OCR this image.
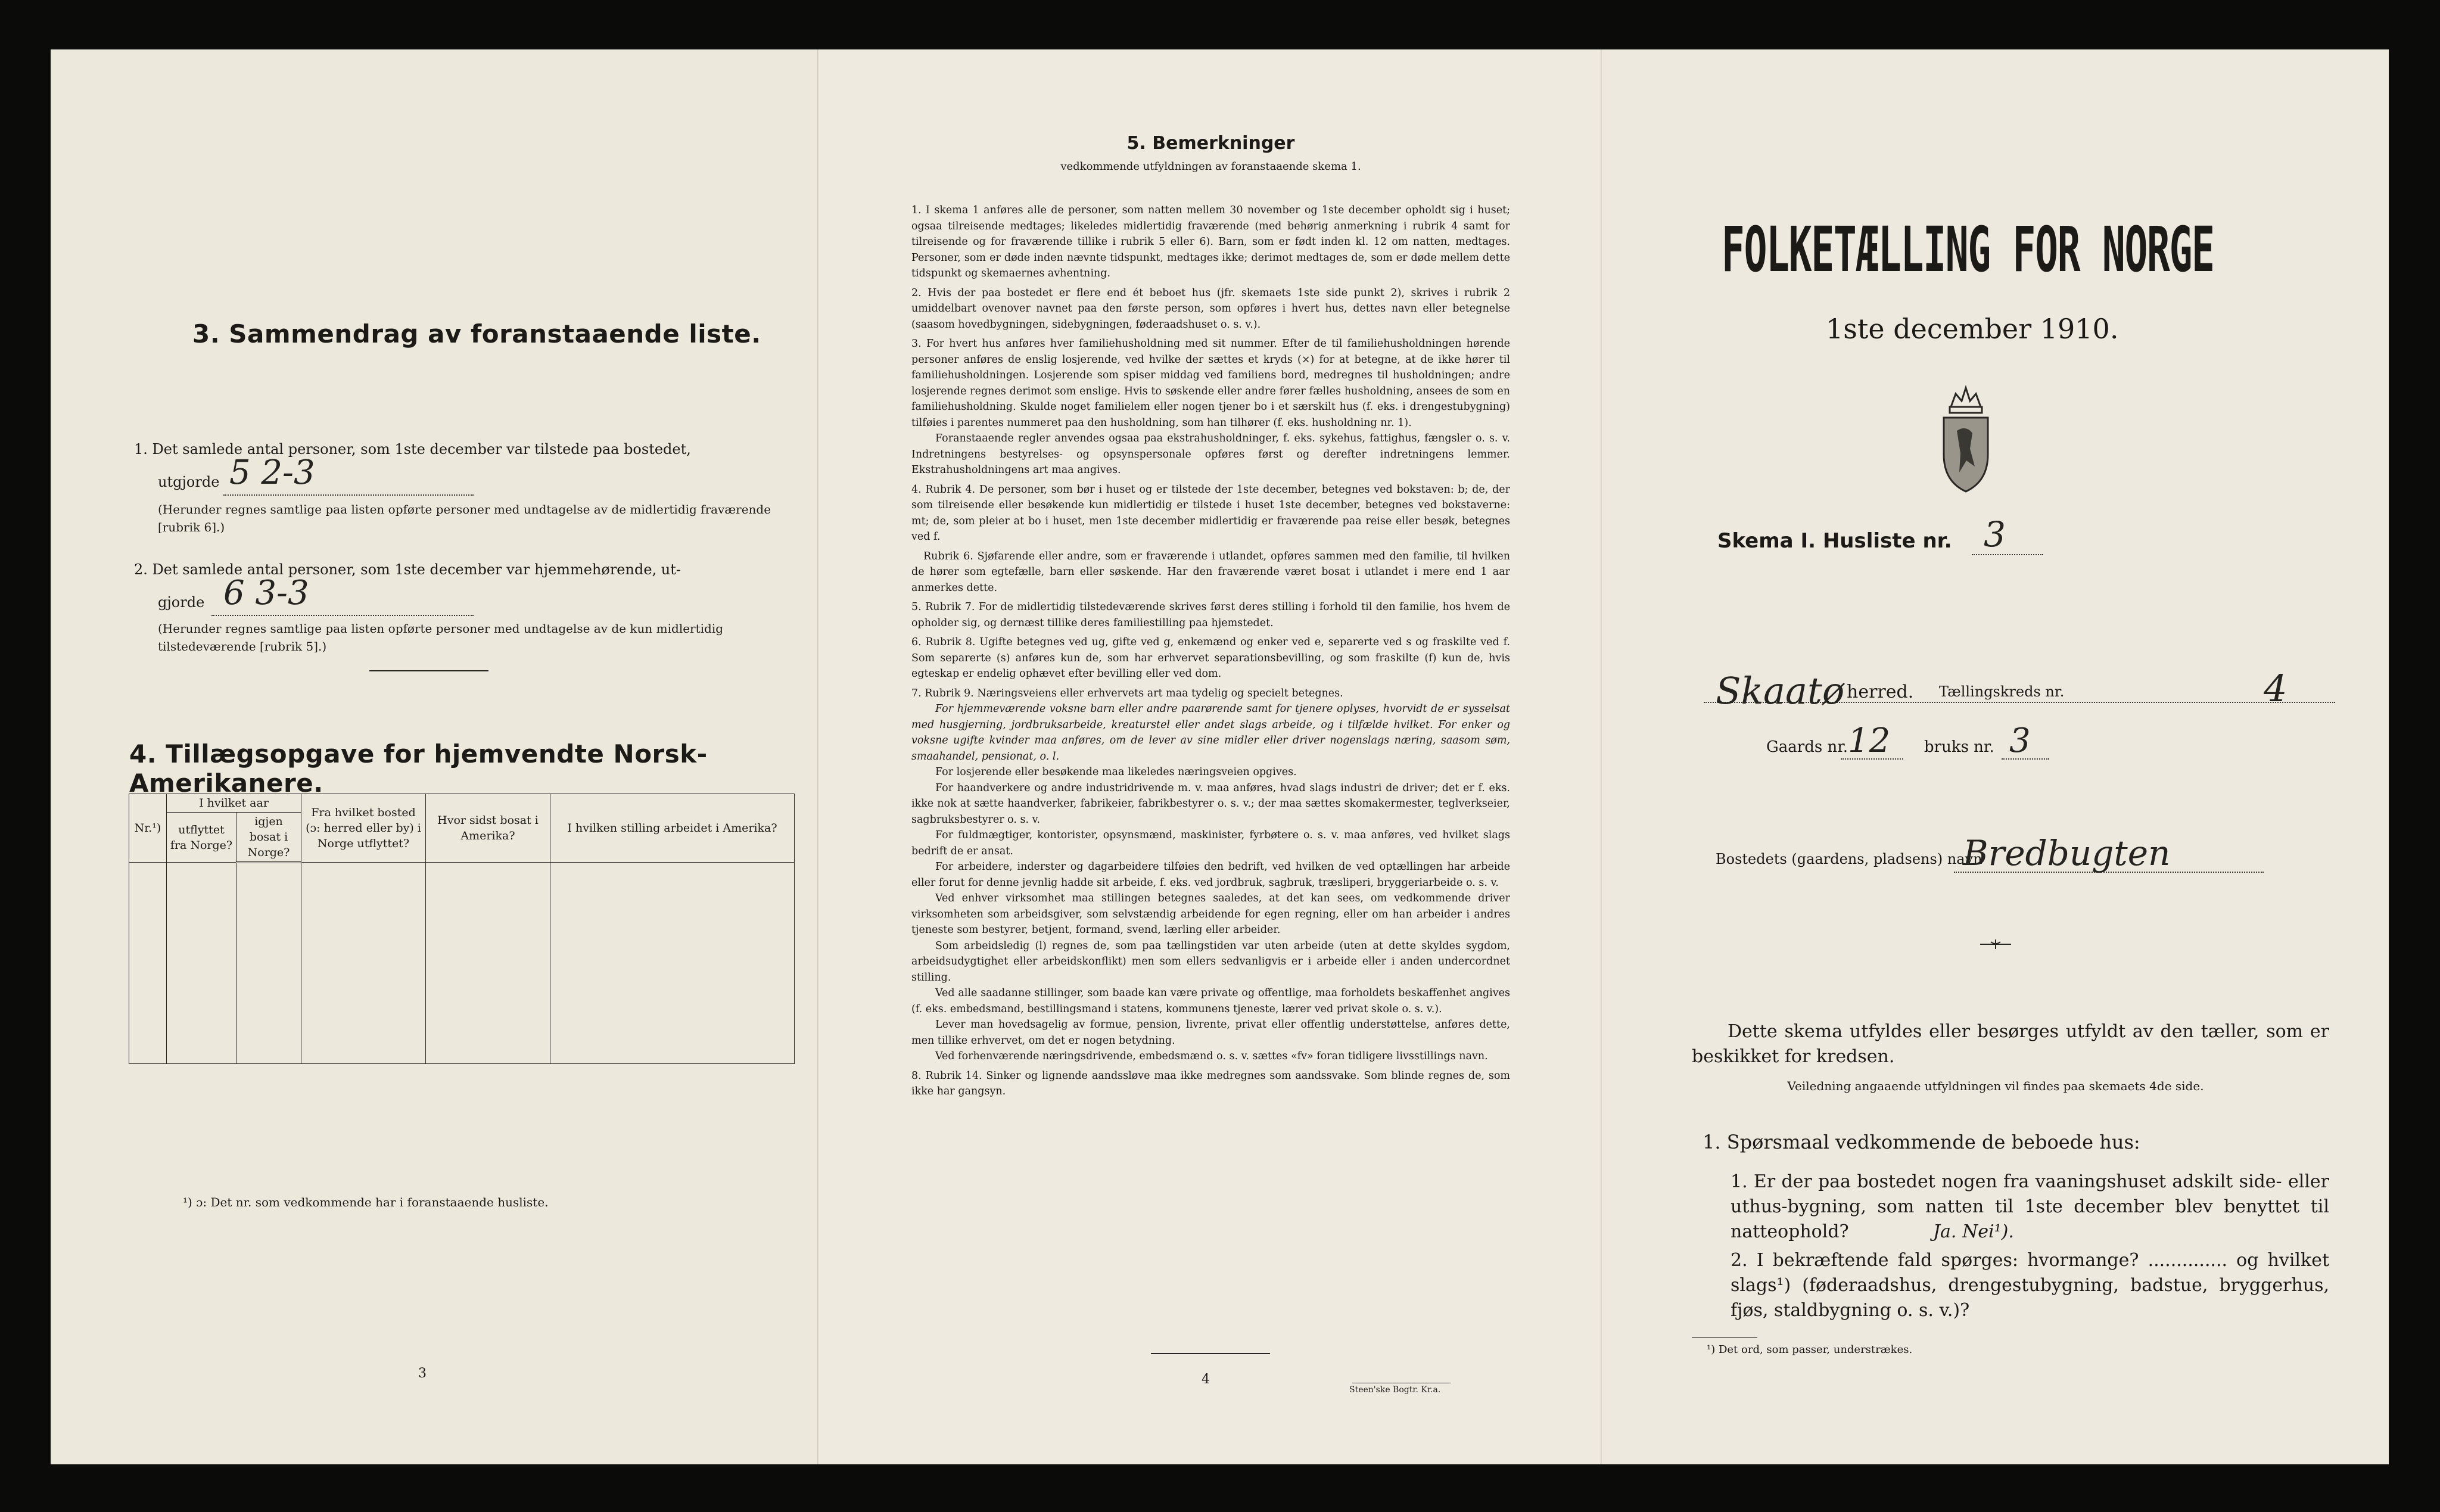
3. Sammendrag av foranstaaende liste.
1. Det samlede antal personer, som 1ste december var tilstede paa bostedet,
utgjorde 5 2-3
(Herunder regnes samtlige paa listen opførte personer med undtagelse av de midlertidig fraværende [rubrik 6].)
2. Det samlede antal personer, som 1ste december var hjemmehørende, ut-
gjorde 6 3-3
(Herunder regnes samtlige paa listen opførte personer med undtagelse av de kun midlertidig tilstedeværende [rubrik 5].)
4. Tillægsopgave for hjemvendte Norsk-Amerikanere.
Nr.¹)	I hvilket aar		Fra hvilket bosted (ɔ: herred eller by) i Norge utflyttet?	Hvor sidst bosat i Amerika?	I hvilken stilling arbeidet i Amerika?
	utflyttet fra Norge?	igjen bosat i Norge?			

¹) ɔ: Det nr. som vedkommende har i foranstaaende husliste.
3
5. Bemerkninger
vedkommende utfyldningen av foranstaaende skema 1.

1. I skema 1 anføres alle de personer, som natten mellem 30 november og 1ste december opholdt sig i huset; ogsaa tilreisende medtages; likeledes midlertidig fraværende (med behørig anmerkning i rubrik 4 samt for tilreisende og for fraværende tillike i rubrik 5 eller 6). Barn, som er født inden kl. 12 om natten, medtages. Personer, som er døde inden nævnte tidspunkt, medtages ikke; derimot medtages de, som er døde mellem dette tidspunkt og skemaernes avhentning.

2. Hvis der paa bostedet er flere end ét beboet hus (jfr. skemaets 1ste side punkt 2), skrives i rubrik 2 umiddelbart ovenover navnet paa den første person, som opføres i hvert hus, dettes navn eller betegnelse (saasom hovedbygningen, sidebygningen, føderaadshuset o. s. v.).

3. For hvert hus anføres hver familiehusholdning med sit nummer. Efter de til familiehusholdningen hørende personer anføres de enslig losjerende, ved hvilke der sættes et kryds (×) for at betegne, at de ikke hører til familiehusholdningen. Losjerende som spiser middag ved familiens bord, medregnes til husholdningen; andre losjerende regnes derimot som enslige. Hvis to søskende eller andre fører fælles husholdning, ansees de som en familiehusholdning. Skulde noget familielem eller nogen tjener bo i et særskilt hus (f. eks. i drengestubygning) tilføies i parentes nummeret paa den husholdning, som han tilhører (f. eks. husholdning nr. 1).

Foranstaaende regler anvendes ogsaa paa ekstrahusholdninger, f. eks. sykehus, fattighus, fængsler o. s. v. Indretningens bestyrelses- og opsynspersonale opføres først og derefter indretningens lemmer. Ekstrahusholdningens art maa angives.

4. Rubrik 4. De personer, som bør i huset og er tilstede der 1ste december, betegnes ved bokstaven: b; de, der som tilreisende eller besøkende kun midlertidig er tilstede i huset 1ste december, betegnes ved bokstaverne: mt; de, som pleier at bo i huset, men 1ste december midlertidig er fraværende paa reise eller besøk, betegnes ved f.

Rubrik 6. Sjøfarende eller andre, som er fraværende i utlandet, opføres sammen med den familie, til hvilken de hører som egtefælle, barn eller søskende. Har den fraværende været bosat i utlandet i mere end 1 aar anmerkes dette.

5. Rubrik 7. For de midlertidig tilstedeværende skrives først deres stilling i forhold til den familie, hos hvem de opholder sig, og dernæst tillike deres familiestilling paa hjemstedet.

6. Rubrik 8. Ugifte betegnes ved ug, gifte ved g, enkemænd og enker ved e, separerte ved s og fraskilte ved f. Som separerte (s) anføres kun de, som har erhvervet separationsbevilling, og som fraskilte (f) kun de, hvis egteskap er endelig ophævet efter bevilling eller ved dom.

7. Rubrik 9. Næringsveiens eller erhvervets art maa tydelig og specielt betegnes.

For hjemmeværende voksne barn eller andre paarørende samt for tjenere oplyses, hvorvidt de er sysselsat med husgjerning, jordbruksarbeide, kreaturstel eller andet slags arbeide, og i tilfælde hvilket. For enker og voksne ugifte kvinder maa anføres, om de lever av sine midler eller driver nogenslags næring, saasom søm, smaahandel, pensionat, o. l.

For losjerende eller besøkende maa likeledes næringsveien opgives.

For haandverkere og andre industridrivende m. v. maa anføres, hvad slags industri de driver; det er f. eks. ikke nok at sætte haandverker, fabrikeier, fabrikbestyrer o. s. v.; der maa sættes skomakermester, teglverkseier, sagbruksbestyrer o. s. v.

For fuldmægtiger, kontorister, opsynsmænd, maskinister, fyrbøtere o. s. v. maa anføres, ved hvilket slags bedrift de er ansat.

For arbeidere, inderster og dagarbeidere tilføies den bedrift, ved hvilken de ved optællingen har arbeide eller forut for denne jevnlig hadde sit arbeide, f. eks. ved jordbruk, sagbruk, træsliperi, bryggeriarbeide o. s. v.

Ved enhver virksomhet maa stillingen betegnes saaledes, at det kan sees, om vedkommende driver virksomheten som arbeidsgiver, som selvstændig arbeidende for egen regning, eller om han arbeider i andres tjeneste som bestyrer, betjent, formand, svend, lærling eller arbeider.

Som arbeidsledig (l) regnes de, som paa tællingstiden var uten arbeide (uten at dette skyldes sygdom, arbeidsudygtighet eller arbeidskonflikt) men som ellers sedvanligvis er i arbeide eller i anden undercordnet stilling.

Ved alle saadanne stillinger, som baade kan være private og offentlige, maa forholdets beskaffenhet angives (f. eks. embedsmand, bestillingsmand i statens, kommunens tjeneste, lærer ved privat skole o. s. v.).

Lever man hovedsagelig av formue, pension, livrente, privat eller offentlig understøttelse, anføres dette, men tillike erhvervet, om det er nogen betydning.

Ved forhenværende næringsdrivende, embedsmænd o. s. v. sættes «fv» foran tidligere livsstillings navn.

8. Rubrik 14. Sinker og lignende aandssløve maa ikke medregnes som aandssvake. Som blinde regnes de, som ikke har gangsyn.

4
Steen'ske Bogtr. Kr.a.
FOLKETÆLLING FOR NORGE
1ste december 1910.
Skema I. Husliste nr. 3
Skaatø herred. Tællingskreds nr.	4
Gaards nr. 12 bruks nr. 3
Bostedets (gaardens, pladsens) navn
Bredbugten
Dette skema utfyldes eller besørges utfyldt av den tæller, som er beskikket for kredsen.
Veiledning angaaende utfyldningen vil findes paa skemaets 4de side.
1. Spørsmaal vedkommende de beboede hus:
1. Er der paa bostedet nogen fra vaaningshuset adskilt side- eller uthus-bygning, som natten til 1ste december blev benyttet til natteophold?	Ja. Nei¹).
2. I bekræftende fald spørges: hvormange? .............. og hvilket slags¹) (føderaadshus, drengestubygning, badstue, bryggerhus, fjøs, staldbygning o. s. v.)?
¹) Det ord, som passer, understrækes.
